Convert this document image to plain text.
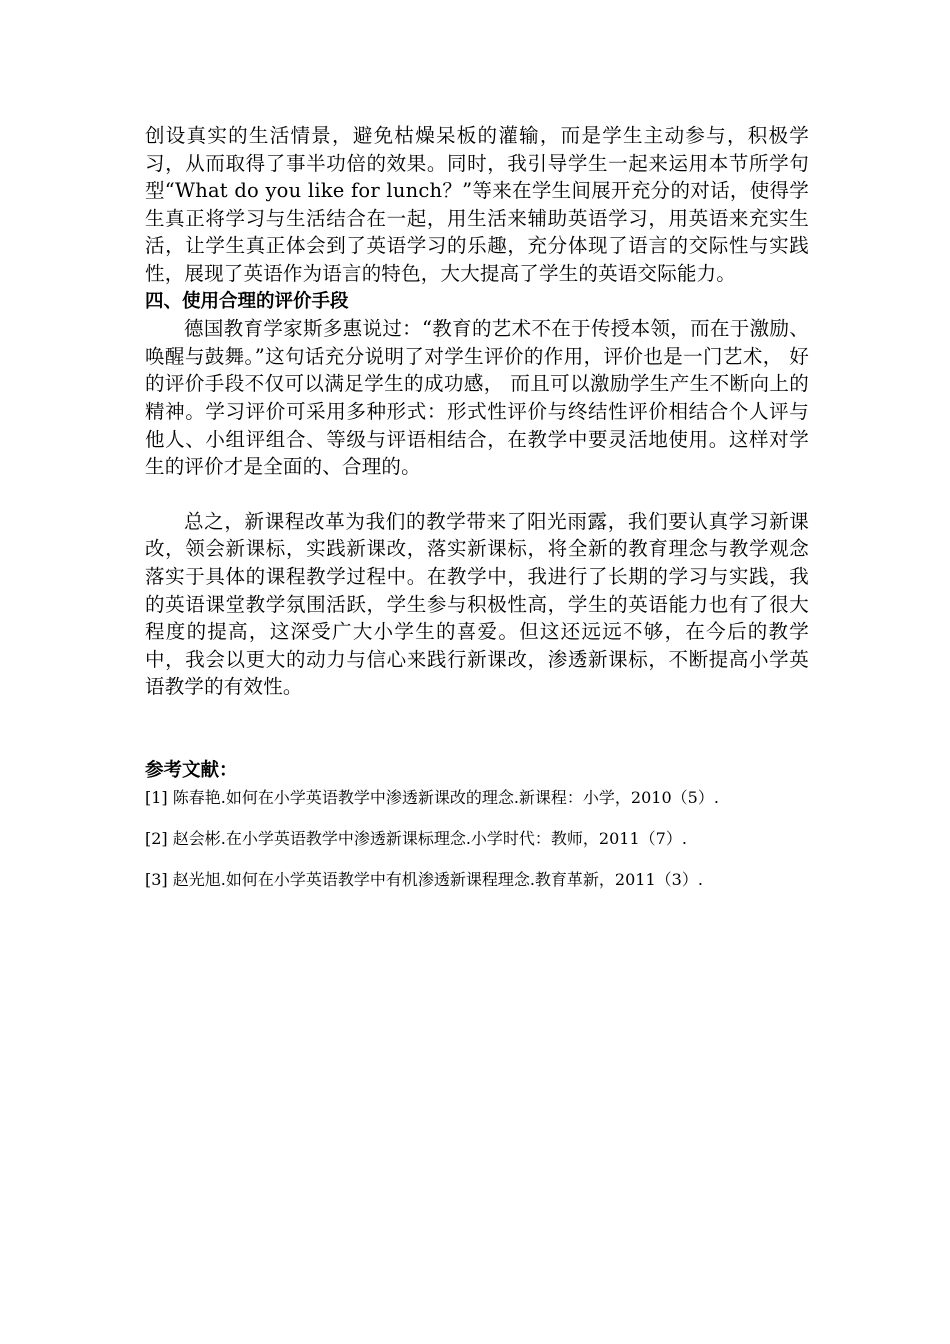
创设真实的生活情景，避免枯燥呆板的灌输，而是学生主动参与，积极学习，从而取得了事半功倍的效果。同时，我引导学生一起来运用本节所学句型“What do you like for lunch？”等来在学生间展开充分的对话，使得学生真正将学习与生活结合在一起，用生活来辅助英语学习，用英语来充实生活，让学生真正体会到了英语学习的乐趣，充分体现了语言的交际性与实践性，展现了英语作为语言的特色，大大提高了学生的英语交际能力。

四、使用合理的评价手段

德国教育学家斯多惠说过：“教育的艺术不在于传授本领，而在于激励、唤醒与鼓舞。”这句话充分说明了对学生评价的作用，评价也是一门艺术， 好的评价手段不仅可以满足学生的成功感， 而且可以激励学生产生不断向上的精神。学习评价可采用多种形式：形式性评价与终结性评价相结合个人评与他人、小组评组合、等级与评语相结合，在教学中要灵活地使用。这样对学生的评价才是全面的、合理的。

总之，新课程改革为我们的教学带来了阳光雨露，我们要认真学习新课改，领会新课标，实践新课改，落实新课标，将全新的教育理念与教学观念落实于具体的课程教学过程中。在教学中，我进行了长期的学习与实践，我的英语课堂教学氛围活跃，学生参与积极性高，学生的英语能力也有了很大程度的提高，这深受广大小学生的喜爱。但这还远远不够，在今后的教学中，我会以更大的动力与信心来践行新课改，渗透新课标，不断提高小学英语教学的有效性。

参考文献：

[1] 陈春艳.如何在小学英语教学中渗透新课改的理念.新课程：小学，2010（5）.

[2] 赵会彬.在小学英语教学中渗透新课标理念.小学时代：教师，2011（7）.

[3] 赵光旭.如何在小学英语教学中有机渗透新课程理念.教育革新，2011（3）.
